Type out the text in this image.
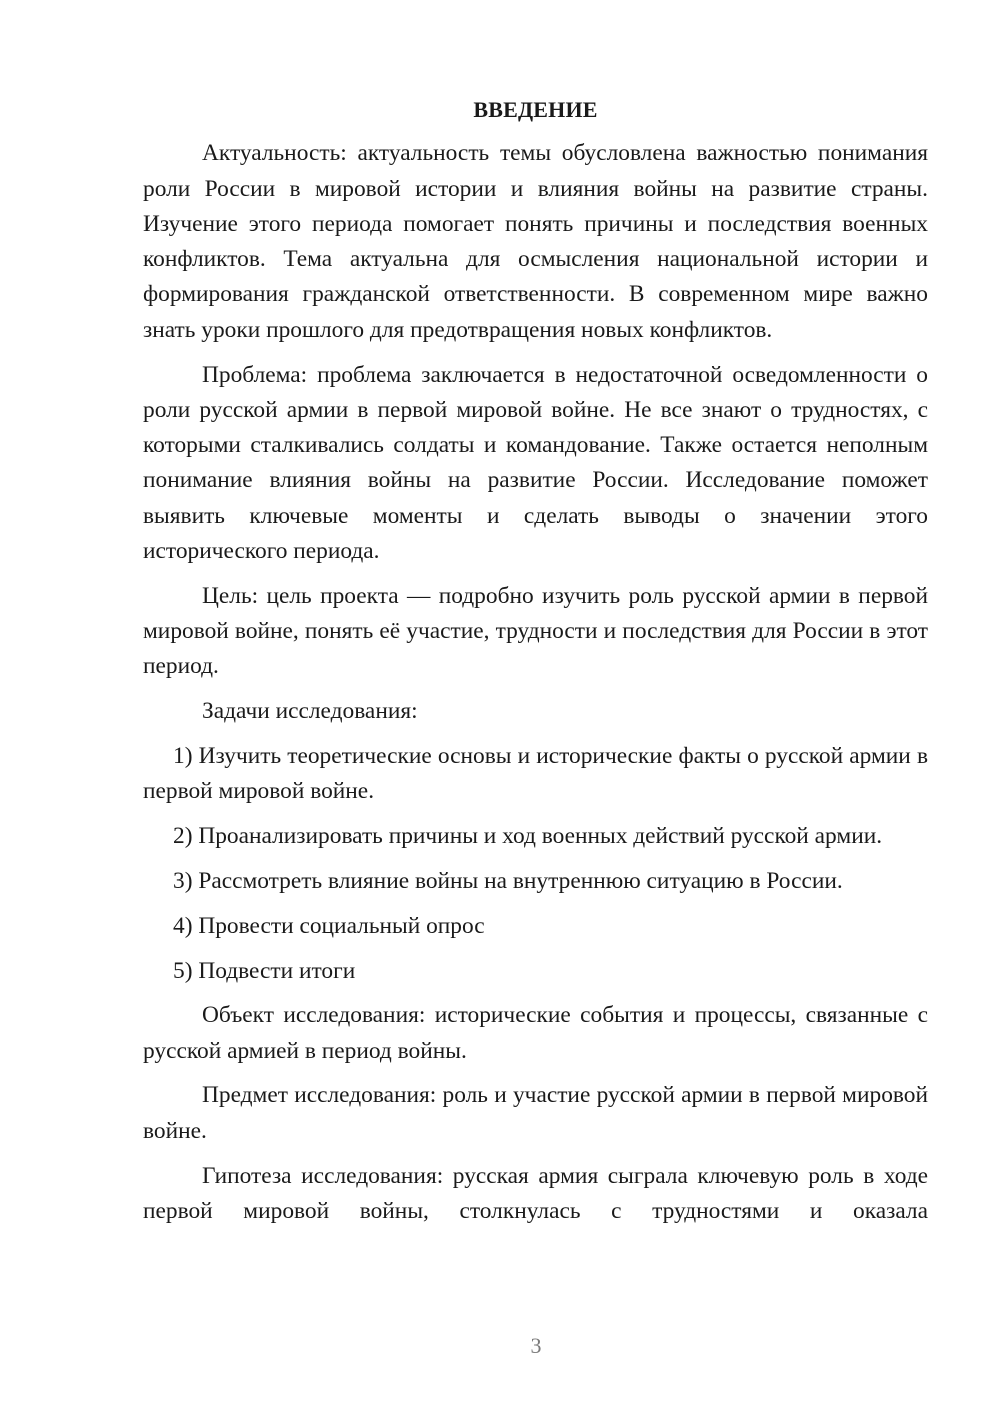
ВВЕДЕНИЕ

Актуальность: актуальность темы обусловлена важностью понимания роли России в мировой истории и влияния войны на развитие страны. Изучение этого периода помогает понять причины и последствия военных конфликтов. Тема актуальна для осмысления национальной истории и формирования гражданской ответственности. В современном мире важно знать уроки прошлого для предотвращения новых конфликтов.

Проблема: проблема заключается в недостаточной осведомленности о роли русской армии в первой мировой войне. Не все знают о трудностях, с которыми сталкивались солдаты и командование. Также остается неполным понимание влияния войны на развитие России. Исследование поможет выявить ключевые моменты и сделать выводы о значении этого исторического периода.

Цель: цель проекта — подробно изучить роль русской армии в первой мировой войне, понять её участие, трудности и последствия для России в этот период.

Задачи исследования:

1) Изучить теоретические основы и исторические факты о русской армии в первой мировой войне.

2) Проанализировать причины и ход военных действий русской армии.

3) Рассмотреть влияние войны на внутреннюю ситуацию в России.

4) Провести социальный опрос

5) Подвести итоги

Объект исследования: исторические события и процессы, связанные с русской армией в период войны.

Предмет исследования: роль и участие русской армии в первой мировой войне.

Гипотеза исследования: русская армия сыграла ключевую роль в ходе первой мировой войны, столкнулась с трудностями и оказала

3
